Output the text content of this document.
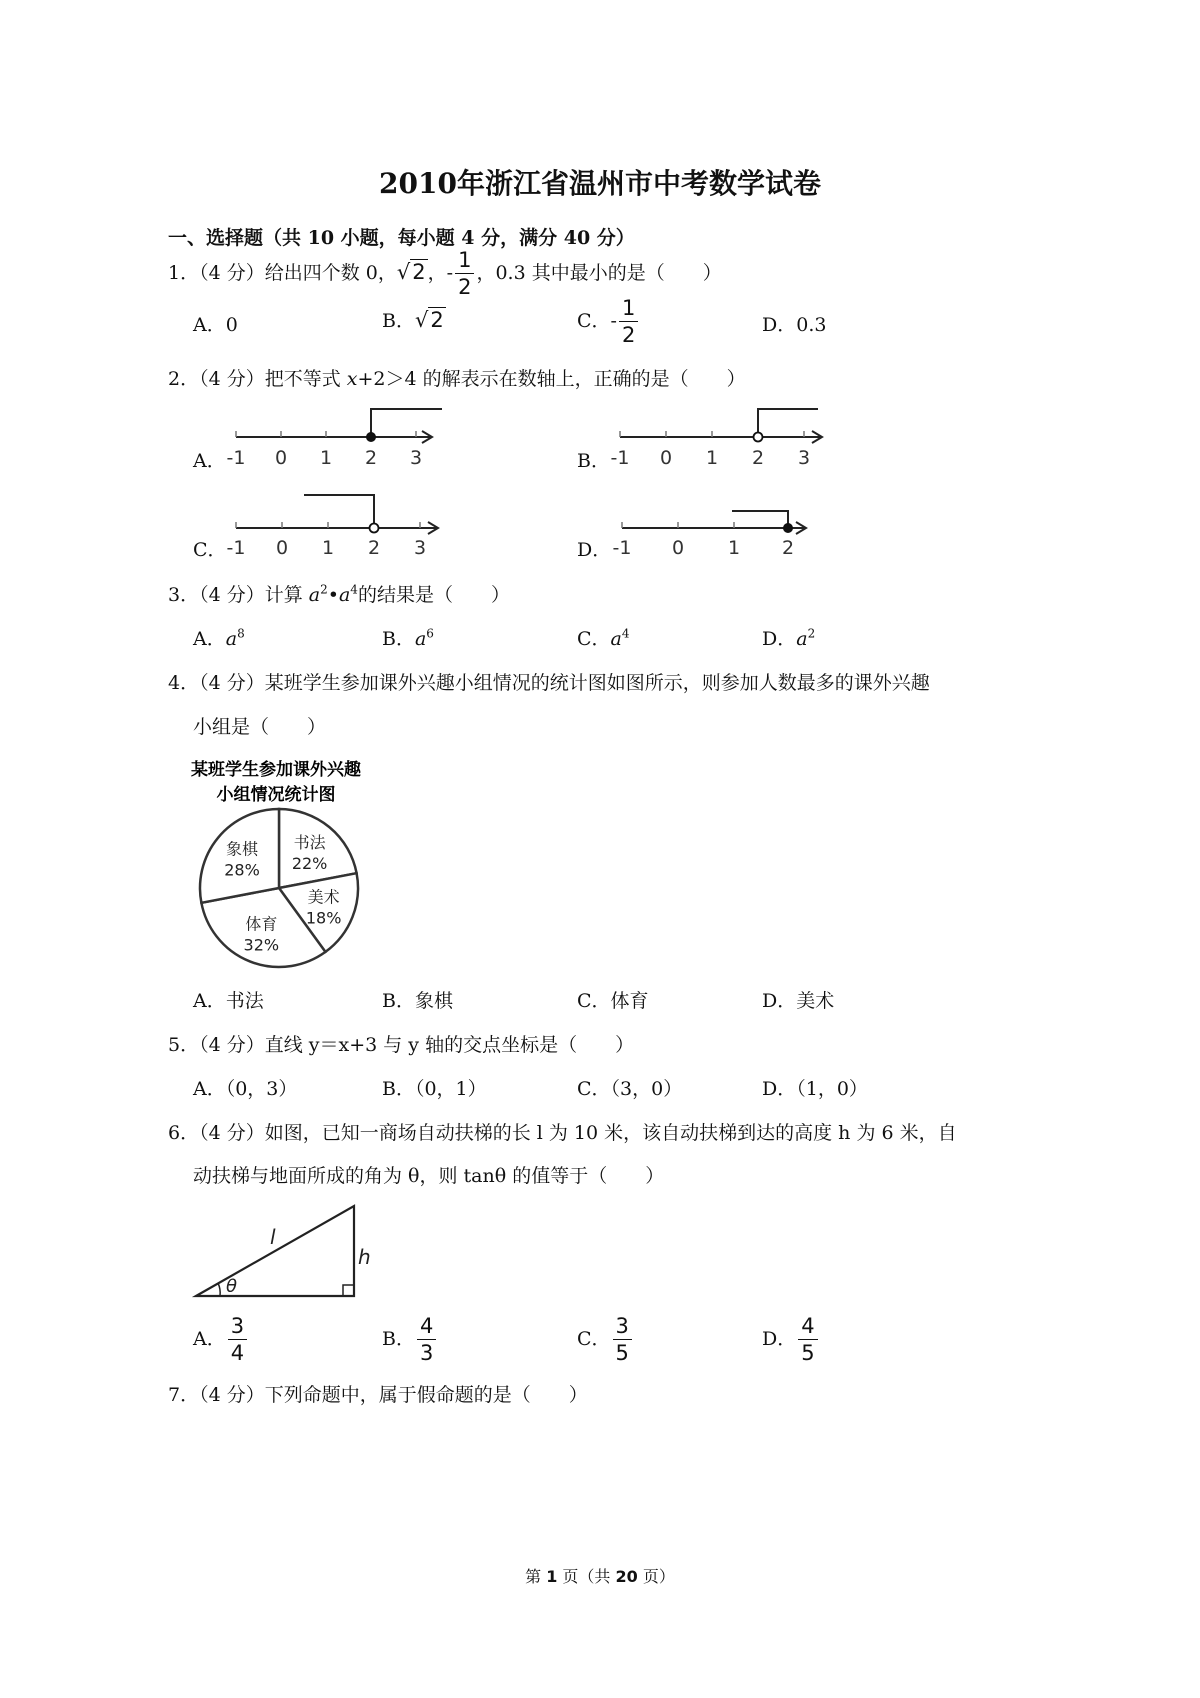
2010年浙江省温州市中考数学试卷
一、选择题（共 10 小题，每小题 4 分，满分 40 分）
1．（4 分）给出四个数 0，√2 ，- $\frac{1}{2}$ ，0.3 其中最小的是（　　）
A．0	B．√2	C．- $\frac{1}{2}$	D．0.3
2．（4 分）把不等式 x+2＞4 的解表示在数轴上，正确的是（　　）
A． -1 0 1 2 3	B． -1 0 1 2 3
C． -1 0 1 2 3	D． -1 0 1 2
3．（4 分）计算 $a^2•a^4$的结果是（　　）
A．$a^8$	B．$a^6$	C．$a^4$	D．$a^2$
4．（4 分）某班学生参加课外兴趣小组情况的统计图如图所示，则参加人数最多的课外兴趣
小组是（　　）
某班学生参加课外兴趣
小组情况统计图
书法
22%
美术
18%
体育
32%
象棋
28%
A．书法	B．象棋	C．体育	D．美术
5．（4 分）直线 y＝x+3 与 y 轴的交点坐标是（　　）
A．（0，3）	B．（0，1）	C．（3，0）	D．（1，0）
6．（4 分）如图，已知一商场自动扶梯的长 l 为 10 米，该自动扶梯到达的高度 h 为 6 米，自
动扶梯与地面所成的角为 θ，则 tanθ 的值等于（　　）
l
h
θ
A． $\frac{3}{4}$	B． $\frac{4}{3}$	C． $\frac{3}{5}$	D． $\frac{4}{5}$
7．（4 分）下列命题中，属于假命题的是（　　）
第 1 页（共 20 页）
